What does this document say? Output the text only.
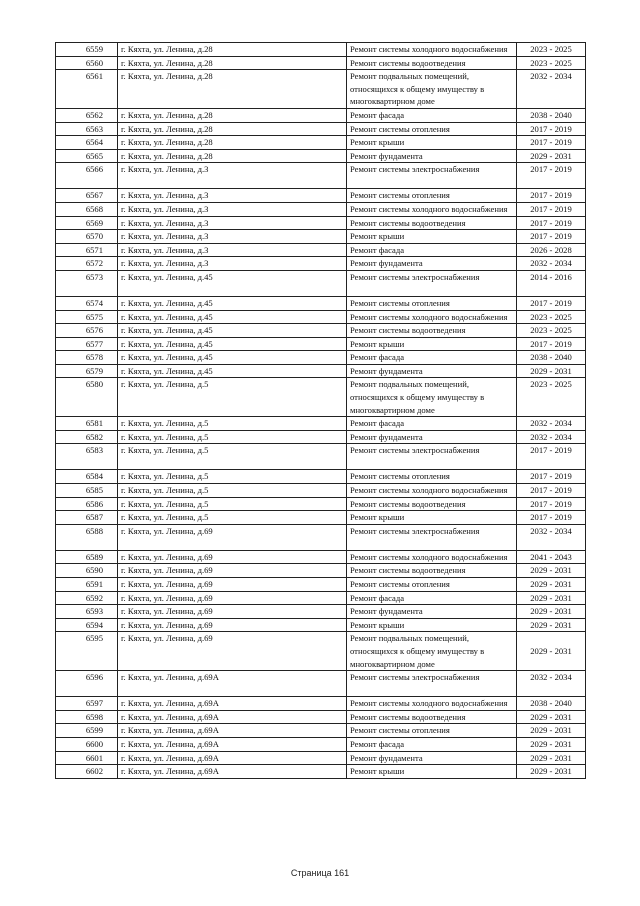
6559	г. Кяхта, ул. Ленина, д.28	Ремонт системы холодного водоснабжения	2023 - 2025
6560	г. Кяхта, ул. Ленина, д.28	Ремонт системы водоотведения	2023 - 2025
6561	г. Кяхта, ул. Ленина, д.28	Ремонт подвальных помещений, относящихся к общему имуществу в многоквартирном доме	2032 - 2034
6562	г. Кяхта, ул. Ленина, д.28	Ремонт фасада	2038 - 2040
6563	г. Кяхта, ул. Ленина, д.28	Ремонт системы отопления	2017 - 2019
6564	г. Кяхта, ул. Ленина, д.28	Ремонт крыши	2017 - 2019
6565	г. Кяхта, ул. Ленина, д.28	Ремонт фундамента	2029 - 2031
6566	г. Кяхта, ул. Ленина, д.3	Ремонт системы электроснабжения	2017 - 2019
6567	г. Кяхта, ул. Ленина, д.3	Ремонт системы отопления	2017 - 2019
6568	г. Кяхта, ул. Ленина, д.3	Ремонт системы холодного водоснабжения	2017 - 2019
6569	г. Кяхта, ул. Ленина, д.3	Ремонт системы водоотведения	2017 - 2019
6570	г. Кяхта, ул. Ленина, д.3	Ремонт крыши	2017 - 2019
6571	г. Кяхта, ул. Ленина, д.3	Ремонт фасада	2026 - 2028
6572	г. Кяхта, ул. Ленина, д.3	Ремонт фундамента	2032 - 2034
6573	г. Кяхта, ул. Ленина, д.45	Ремонт системы электроснабжения	2014 - 2016
6574	г. Кяхта, ул. Ленина, д.45	Ремонт системы отопления	2017 - 2019
6575	г. Кяхта, ул. Ленина, д.45	Ремонт системы холодного водоснабжения	2023 - 2025
6576	г. Кяхта, ул. Ленина, д.45	Ремонт системы водоотведения	2023 - 2025
6577	г. Кяхта, ул. Ленина, д.45	Ремонт крыши	2017 - 2019
6578	г. Кяхта, ул. Ленина, д.45	Ремонт фасада	2038 - 2040
6579	г. Кяхта, ул. Ленина, д.45	Ремонт фундамента	2029 - 2031
6580	г. Кяхта, ул. Ленина, д.5	Ремонт подвальных помещений, относящихся к общему имуществу в многоквартирном доме	2023 - 2025
6581	г. Кяхта, ул. Ленина, д.5	Ремонт фасада	2032 - 2034
6582	г. Кяхта, ул. Ленина, д.5	Ремонт фундамента	2032 - 2034
6583	г. Кяхта, ул. Ленина, д.5	Ремонт системы электроснабжения	2017 - 2019
6584	г. Кяхта, ул. Ленина, д.5	Ремонт системы отопления	2017 - 2019
6585	г. Кяхта, ул. Ленина, д.5	Ремонт системы холодного водоснабжения	2017 - 2019
6586	г. Кяхта, ул. Ленина, д.5	Ремонт системы водоотведения	2017 - 2019
6587	г. Кяхта, ул. Ленина, д.5	Ремонт крыши	2017 - 2019
6588	г. Кяхта, ул. Ленина, д.69	Ремонт системы электроснабжения	2032 - 2034
6589	г. Кяхта, ул. Ленина, д.69	Ремонт системы холодного водоснабжения	2041 - 2043
6590	г. Кяхта, ул. Ленина, д.69	Ремонт системы водоотведения	2029 - 2031
6591	г. Кяхта, ул. Ленина, д.69	Ремонт системы отопления	2029 - 2031
6592	г. Кяхта, ул. Ленина, д.69	Ремонт фасада	2029 - 2031
6593	г. Кяхта, ул. Ленина, д.69	Ремонт фундамента	2029 - 2031
6594	г. Кяхта, ул. Ленина, д.69	Ремонт крыши	2029 - 2031
6595	г. Кяхта, ул. Ленина, д.69	Ремонт подвальных помещений, относящихся к общему имуществу в многоквартирном доме	2029 - 2031
6596	г. Кяхта, ул. Ленина, д.69А	Ремонт системы электроснабжения	2032 - 2034
6597	г. Кяхта, ул. Ленина, д.69А	Ремонт системы холодного водоснабжения	2038 - 2040
6598	г. Кяхта, ул. Ленина, д.69А	Ремонт системы водоотведения	2029 - 2031
6599	г. Кяхта, ул. Ленина, д.69А	Ремонт системы отопления	2029 - 2031
6600	г. Кяхта, ул. Ленина, д.69А	Ремонт фасада	2029 - 2031
6601	г. Кяхта, ул. Ленина, д.69А	Ремонт фундамента	2029 - 2031
6602	г. Кяхта, ул. Ленина, д.69А	Ремонт крыши	2029 - 2031
Страница 161
